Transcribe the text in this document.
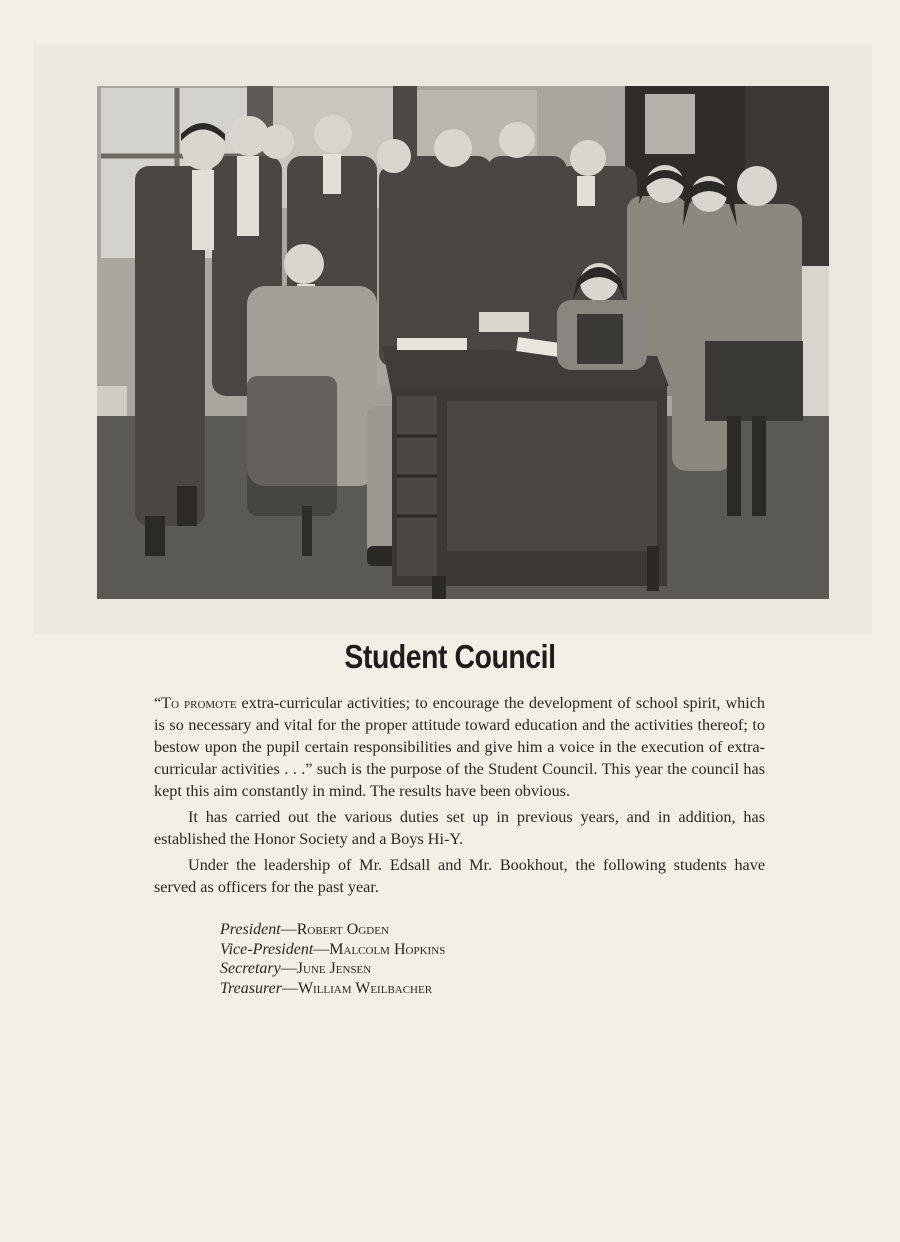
Student Council

“To promote extra-curricular activities; to encourage the development of school spirit, which is so necessary and vital for the proper attitude toward education and the activities thereof; to bestow upon the pupil certain responsibilities and give him a voice in the execution of extra-curricular activities . . .” such is the purpose of the Student Council. This year the council has kept this aim constantly in mind. The results have been obvious.

It has carried out the various duties set up in previous years, and in addition, has established the Honor Society and a Boys Hi-Y.

Under the leadership of Mr. Edsall and Mr. Bookhout, the following students have served as officers for the past year.

President—Robert Ogden
Vice-President—Malcolm Hopkins
Secretary—June Jensen
Treasurer—William Weilbacher
